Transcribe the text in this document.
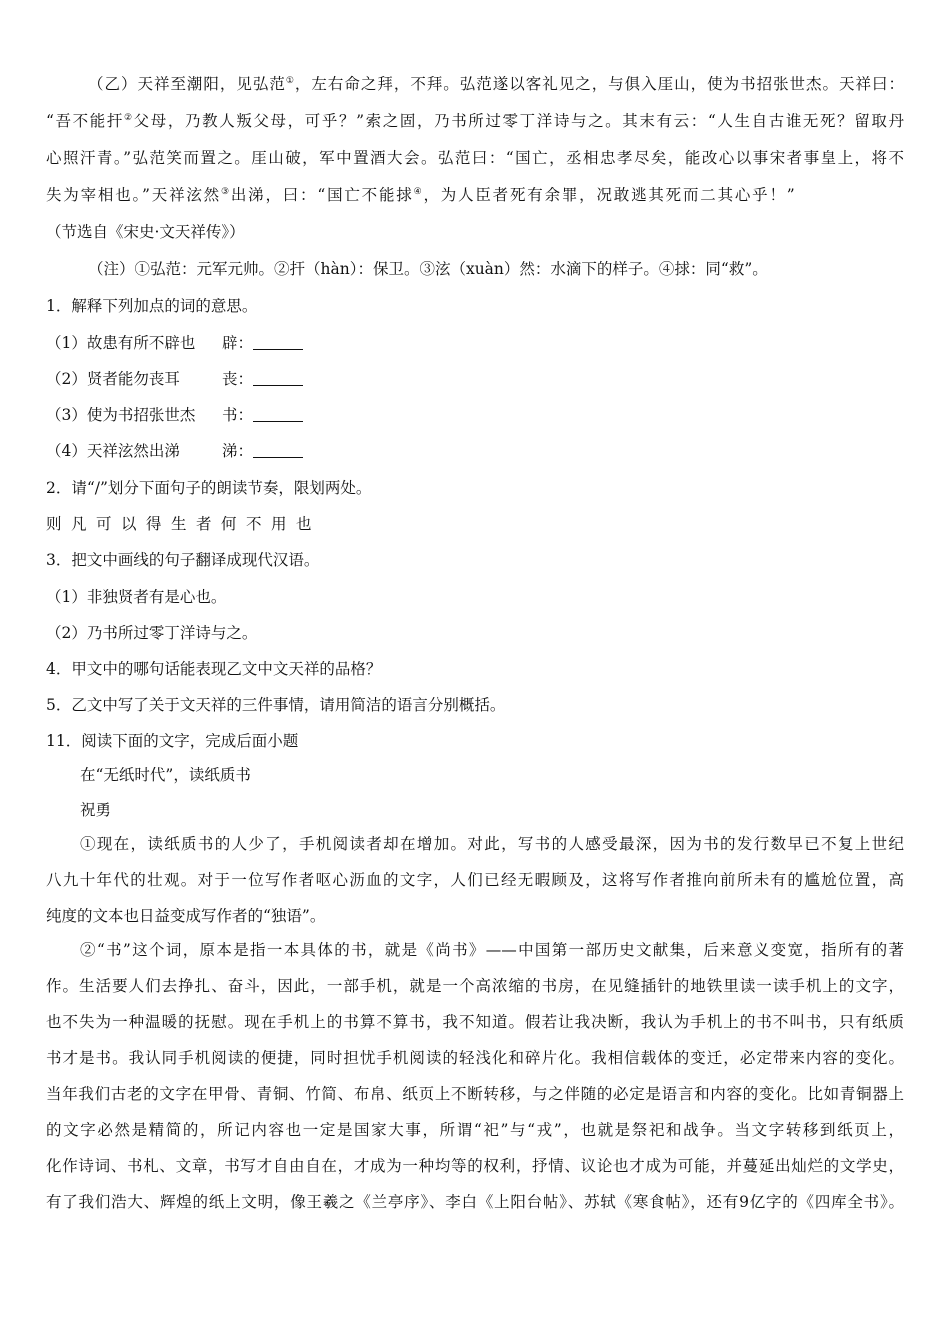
（乙）天祥至潮阳，见弘范①，左右命之拜，不拜。弘范遂以客礼见之，与俱入厓山，使为书招张世杰。天祥曰：
“吾不能扞②父母，乃教人叛父母，可乎？”索之固，乃书所过零丁洋诗与之。其末有云：“人生自古谁无死？留取丹
心照汗青。”弘范笑而置之。厓山破，军中置酒大会。弘范曰：“国亡，丞相忠孝尽矣，能改心以事宋者事皇上，将不
失为宰相也。”天祥泫然③出涕，曰：“国亡不能捄④，为人臣者死有余罪，况敢逃其死而二其心乎！”
（节选自《宋史·文天祥传》）
（注）①弘范：元军元帅。②扞（hàn）：保卫。③泫（xuàn）然：水滴下的样子。④捄：同“救”。
1．解释下列加点的词的意思。
（1）故患有所不辟也 辟：
（2）贤者能勿丧耳	丧：
（3）使为书招张世杰 书：
（4）天祥泫然出涕	涕：
2．请“/”划分下面句子的朗读节奏，限划两处。
则凡可以得生者何不用也
3．把文中画线的句子翻译成现代汉语。
（1）非独贤者有是心也。
（2）乃书所过零丁洋诗与之。
4．甲文中的哪句话能表现乙文中文天祥的品格？
5．乙文中写了关于文天祥的三件事情，请用简洁的语言分别概括。
11．阅读下面的文字，完成后面小题
在“无纸时代”，读纸质书
祝勇
①现在，读纸质书的人少了，手机阅读者却在增加。对此，写书的人感受最深，因为书的发行数早已不复上世纪
八九十年代的壮观。对于一位写作者呕心沥血的文字，人们已经无暇顾及，这将写作者推向前所未有的尴尬位置，高
纯度的文本也日益变成写作者的“独语”。
②“书”这个词，原本是指一本具体的书，就是《尚书》——中国第一部历史文献集，后来意义变宽，指所有的著
作。生活要人们去挣扎、奋斗，因此，一部手机，就是一个高浓缩的书房，在见缝插针的地铁里读一读手机上的文字，
也不失为一种温暖的抚慰。现在手机上的书算不算书，我不知道。假若让我决断，我认为手机上的书不叫书，只有纸质
书才是书。我认同手机阅读的便捷，同时担忧手机阅读的轻浅化和碎片化。我相信载体的变迁，必定带来内容的变化。
当年我们古老的文字在甲骨、青铜、竹简、布帛、纸页上不断转移，与之伴随的必定是语言和内容的变化。比如青铜器上
的文字必然是精简的，所记内容也一定是国家大事，所谓“祀”与“戎”，也就是祭祀和战争。当文字转移到纸页上，
化作诗词、书札、文章，书写才自由自在，才成为一种均等的权利，抒情、议论也才成为可能，并蔓延出灿烂的文学史，
有了我们浩大、辉煌的纸上文明，像王羲之《兰亭序》、李白《上阳台帖》、苏轼《寒食帖》，还有9亿字的《四库全书》。
